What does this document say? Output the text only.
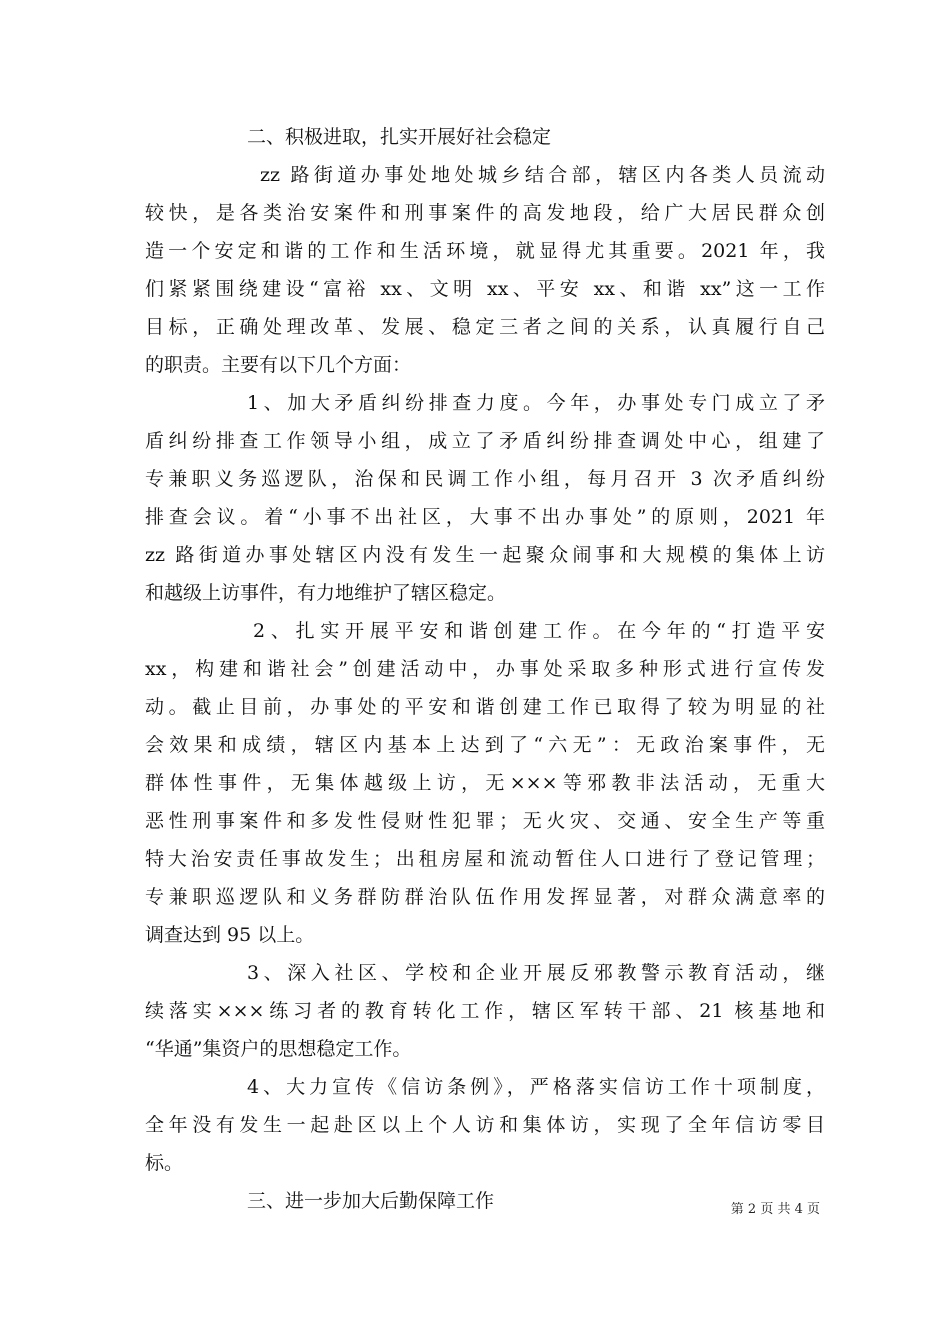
二、积极进取，扎实开展好社会稳定
zz 路街道办事处地处城乡结合部，辖区内各类人员流动
较快，是各类治安案件和刑事案件的高发地段，给广大居民群众创
造一个安定和谐的工作和生活环境，就显得尤其重要。2021 年，我
们紧紧围绕建设“富裕 xx、文明 xx、平安 xx、和谐 xx”这一工作
目标，正确处理改革、发展、稳定三者之间的关系，认真履行自己
的职责。主要有以下几个方面：
1、加大矛盾纠纷排查力度。今年，办事处专门成立了矛
盾纠纷排查工作领导小组，成立了矛盾纠纷排查调处中心，组建了
专兼职义务巡逻队，治保和民调工作小组，每月召开 3 次矛盾纠纷
排查会议。着“小事不出社区，大事不出办事处”的原则，2021 年
zz 路街道办事处辖区内没有发生一起聚众闹事和大规模的集体上访
和越级上访事件，有力地维护了辖区稳定。
2、扎实开展平安和谐创建工作。在今年的“打造平安
xx，构建和谐社会”创建活动中，办事处采取多种形式进行宣传发
动。截止目前，办事处的平安和谐创建工作已取得了较为明显的社
会效果和成绩，辖区内基本上达到了“六无”：无政治案事件，无
群体性事件，无集体越级上访，无×××等邪教非法活动，无重大
恶性刑事案件和多发性侵财性犯罪；无火灾、交通、安全生产等重
特大治安责任事故发生；出租房屋和流动暂住人口进行了登记管理；
专兼职巡逻队和义务群防群治队伍作用发挥显著，对群众满意率的
调查达到 95 以上。
3、深入社区、学校和企业开展反邪教警示教育活动，继
续落实×××练习者的教育转化工作，辖区军转干部、21 核基地和
“华通”集资户的思想稳定工作。
4、大力宣传《信访条例》，严格落实信访工作十项制度，
全年没有发生一起赴区以上个人访和集体访，实现了全年信访零目
标。
三、进一步加大后勤保障工作	第 2 页 共 4 页
